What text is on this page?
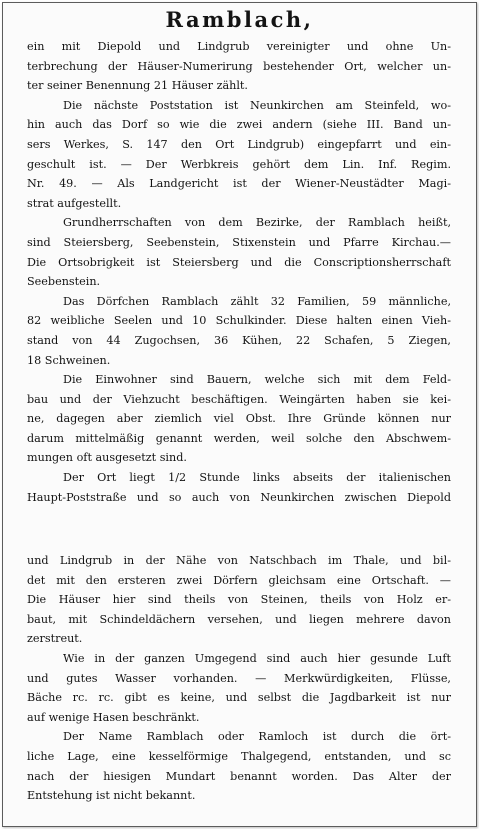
Ramblach,

ein mit Diepold und Lindgrub vereinigter und ohne Un-

terbrechung der Häuser-Numerirung bestehender Ort, welcher un-

ter seiner Benennung 21 Häuser zählt.

Die nächste Poststation ist Neunkirchen am Steinfeld, wo-

hin auch das Dorf so wie die zwei andern (siehe III. Band un-

sers Werkes, S. 147 den Ort Lindgrub) eingepfarrt und ein-

geschult ist. — Der Werbkreis gehört dem Lin. Inf. Regim.

Nr. 49. — Als Landgericht ist der Wiener-Neustädter Magi-

strat aufgestellt.

Grundherrschaften von dem Bezirke, der Ramblach heißt,

sind Steiersberg, Seebenstein, Stixenstein und Pfarre Kirchau.—

Die Ortsobrigkeit ist Steiersberg und die Conscriptionsherrschaft

Seebenstein.

Das Dörfchen Ramblach zählt 32 Familien, 59 männliche,

82 weibliche Seelen und 10 Schulkinder. Diese halten einen Vieh-

stand von 44 Zugochsen, 36 Kühen, 22 Schafen, 5 Ziegen,

18 Schweinen.

Die Einwohner sind Bauern, welche sich mit dem Feld-

bau und der Viehzucht beschäftigen. Weingärten haben sie kei-

ne, dagegen aber ziemlich viel Obst. Ihre Gründe können nur

darum mittelmäßig genannt werden, weil solche den Abschwem-

mungen oft ausgesetzt sind.

Der Ort liegt 1/2 Stunde links abseits der italienischen

Haupt-Poststraße und so auch von Neunkirchen zwischen Diepold

und Lindgrub in der Nähe von Natschbach im Thale, und bil-

det mit den ersteren zwei Dörfern gleichsam eine Ortschaft. —

Die Häuser hier sind theils von Steinen, theils von Holz er-

baut, mit Schindeldächern versehen, und liegen mehrere davon

zerstreut.

Wie in der ganzen Umgegend sind auch hier gesunde Luft

und gutes Wasser vorhanden. — Merkwürdigkeiten, Flüsse,

Bäche rc. rc. gibt es keine, und selbst die Jagdbarkeit ist nur

auf wenige Hasen beschränkt.

Der Name Ramblach oder Ramloch ist durch die ört-

liche Lage, eine kesselförmige Thalgegend, entstanden, und sc

nach der hiesigen Mundart benannt worden. Das Alter der

Entstehung ist nicht bekannt.
